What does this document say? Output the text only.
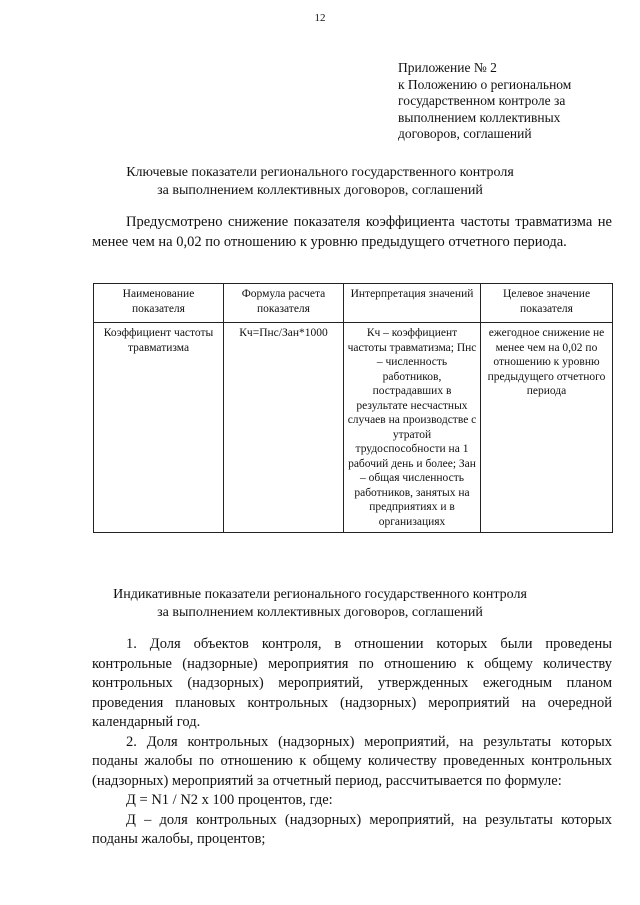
12
Приложение № 2
к Положению о региональном
государственном контроле за
выполнением коллективных
договоров, соглашений
Ключевые показатели регионального государственного контроля
за выполнением коллективных договоров, соглашений

Предусмотрено снижение показателя коэффициента частоты травматизма не менее чем на 0,02 по отношению к уровню предыдущего отчетного периода.

Наименование показателя	Формула расчета показателя	Интерпретация значений	Целевое значение показателя
Коэффициент частоты травматизма	Кч=Пнс/Зан*1000	Кч – коэффициент частоты травматизма; Пнс – численность работников, пострадавших в результате несчастных случаев на производстве с утратой трудоспособности на 1 рабочий день и более; Зан – общая численность работников, занятых на предприятиях и в организациях	ежегодное снижение не менее чем на 0,02 по отношению к уровню предыдущего отчетного периода
Индикативные показатели регионального государственного контроля
за выполнением коллективных договоров, соглашений

1. Доля объектов контроля, в отношении которых были проведены контрольные (надзорные) мероприятия по отношению к общему количеству контрольных (надзорных) мероприятий, утвержденных ежегодным планом проведения плановых контрольных (надзорных) мероприятий на очередной календарный год.

2. Доля контрольных (надзорных) мероприятий, на результаты которых поданы жалобы по отношению к общему количеству проведенных контрольных (надзорных) мероприятий за отчетный период, рассчитывается по формуле:

Д = N1 / N2 х 100 процентов, где:

Д – доля контрольных (надзорных) мероприятий, на результаты которых поданы жалобы, процентов;
